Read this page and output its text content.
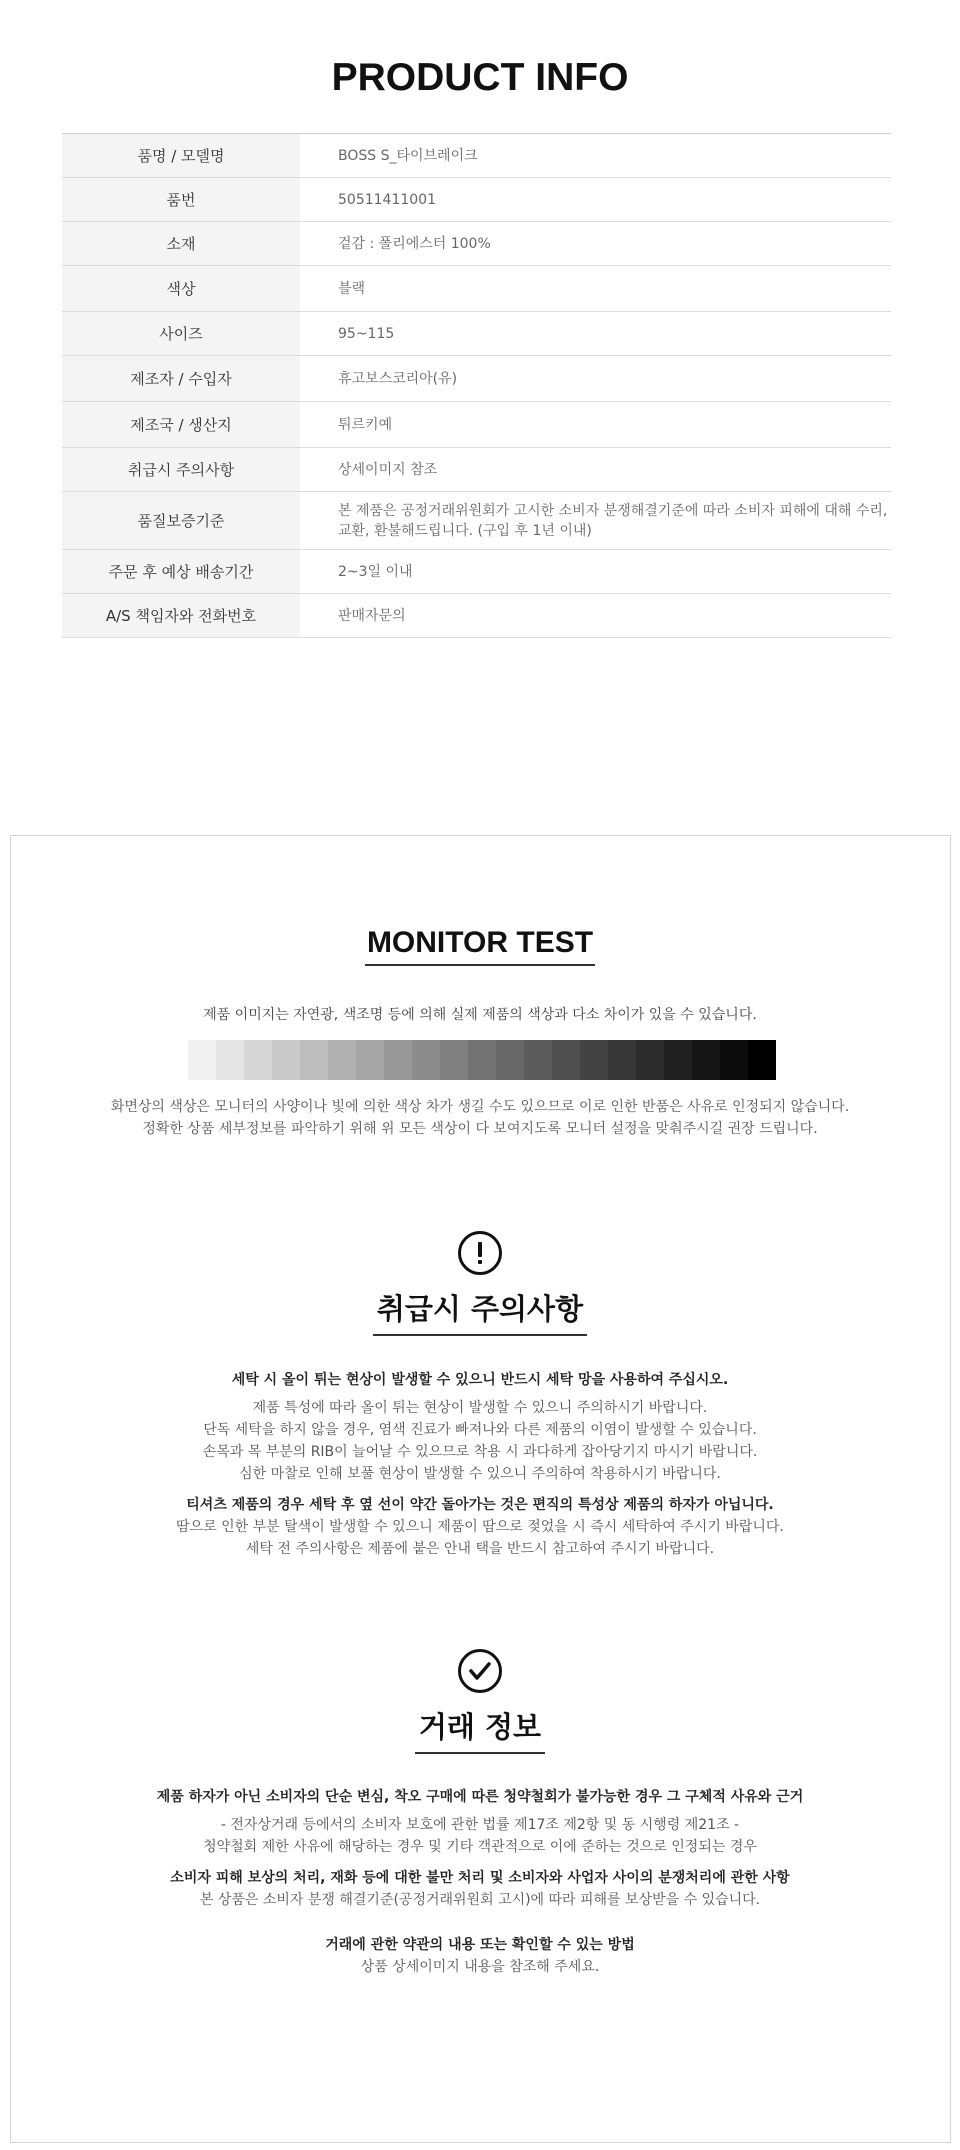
PRODUCT INFO
품명 / 모델명	BOSS S_타이브레이크
품번	50511411001
소재	겉감 : 폴리에스터 100%
색상	블랙
사이즈	95~115
제조자 / 수입자	휴고보스코리아(유)
제조국 / 생산지	튀르키예
취급시 주의사항	상세이미지 참조
품질보증기준	본 제품은 공정거래위원회가 고시한 소비자 분쟁해결기준에 따라 소비자 피해에 대해 수리,교환, 환불해드립니다. (구입 후 1년 이내)
주문 후 예상 배송기간	2~3일 이내
A/S 책임자와 전화번호	판매자문의
MONITOR TEST
제품 이미지는 자연광, 색조명 등에 의해 실제 제품의 색상과 다소 차이가 있을 수 있습니다.
화면상의 색상은 모니터의 사양이나 빛에 의한 색상 차가 생길 수도 있으므로 이로 인한 반품은 사유로 인정되지 않습니다.
정확한 상품 세부정보를 파악하기 위해 위 모든 색상이 다 보여지도록 모니터 설정을 맞춰주시길 권장 드립니다.
취급시 주의사항
세탁 시 올이 튀는 현상이 발생할 수 있으니 반드시 세탁 망을 사용하여 주십시오.
제품 특성에 따라 올이 튀는 현상이 발생할 수 있으니 주의하시기 바랍니다.
단독 세탁을 하지 않을 경우, 염색 진료가 빠져나와 다른 제품의 이염이 발생할 수 있습니다.
손목과 목 부분의 RIB이 늘어날 수 있으므로 착용 시 과다하게 잡아당기지 마시기 바랍니다.
심한 마찰로 인해 보풀 현상이 발생할 수 있으니 주의하여 착용하시기 바랍니다.
티셔츠 제품의 경우 세탁 후 옆 선이 약간 돌아가는 것은 편직의 특성상 제품의 하자가 아닙니다.
땀으로 인한 부분 탈색이 발생할 수 있으니 제품이 땀으로 젖었을 시 즉시 세탁하여 주시기 바랍니다.
세탁 전 주의사항은 제품에 붙은 안내 택을 반드시 참고하여 주시기 바랍니다.
거래 정보
제품 하자가 아닌 소비자의 단순 변심, 착오 구매에 따른 청약철회가 불가능한 경우 그 구체적 사유와 근거
- 전자상거래 등에서의 소비자 보호에 관한 법률 제17조 제2항 및 동 시행령 제21조 -
청약철회 제한 사유에 해당하는 경우 및 기타 객관적으로 이에 준하는 것으로 인정되는 경우
소비자 피해 보상의 처리, 재화 등에 대한 불만 처리 및 소비자와 사업자 사이의 분쟁처리에 관한 사항
본 상품은 소비자 분쟁 해결기준(공정거래위원회 고시)에 따라 피해를 보상받을 수 있습니다.
거래에 관한 약관의 내용 또는 확인할 수 있는 방법
상품 상세이미지 내용을 참조해 주세요.
